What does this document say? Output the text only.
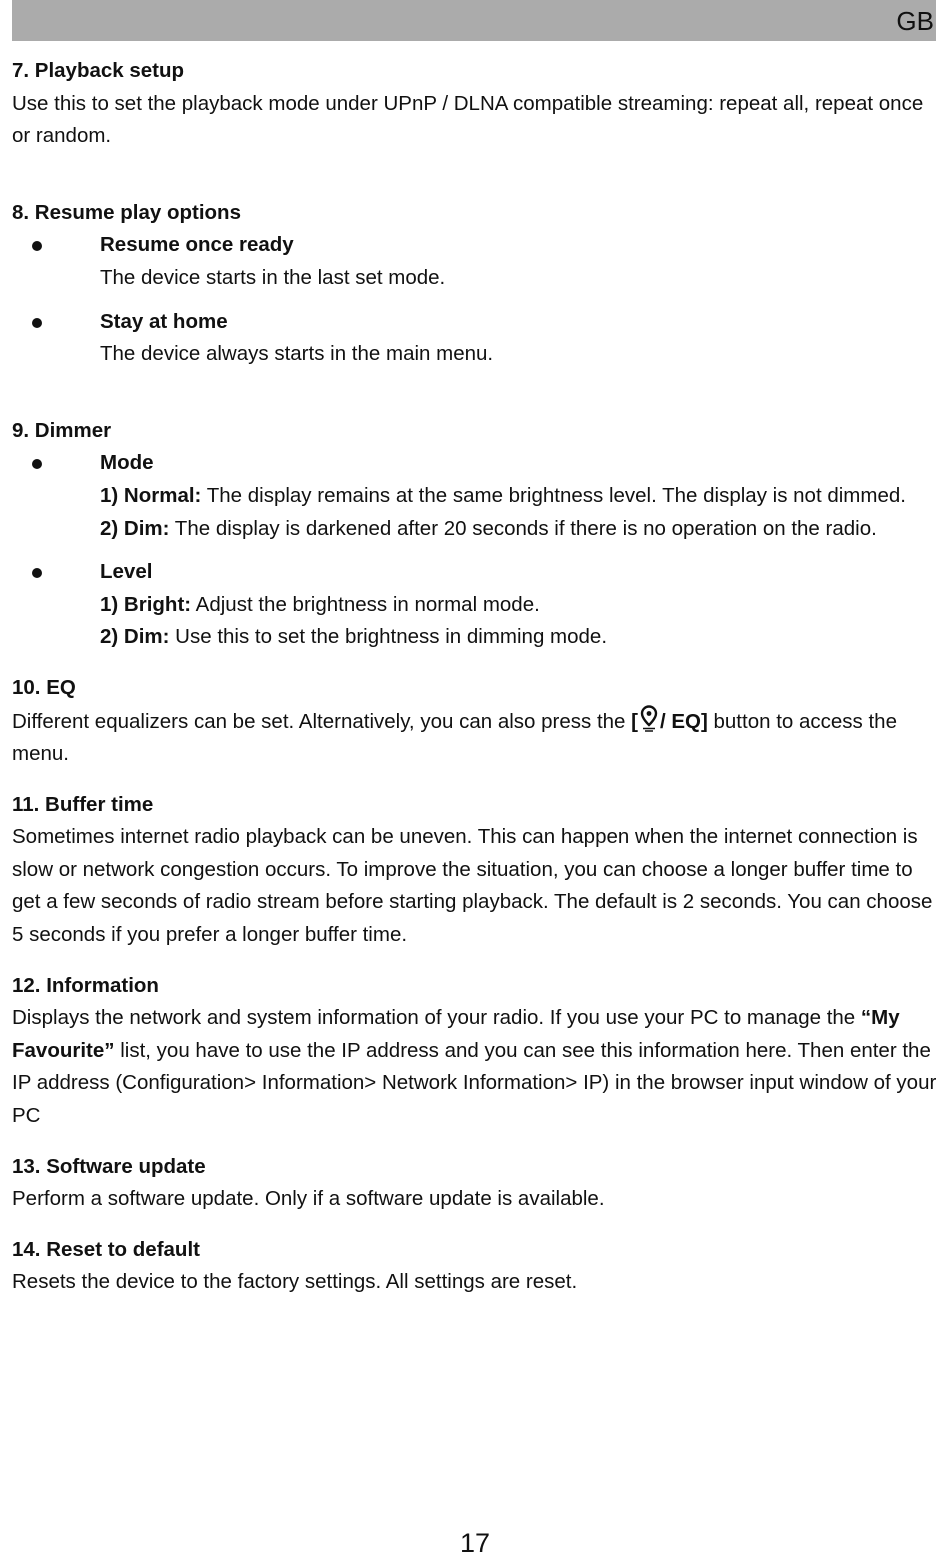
GB
7. Playback setup

Use this to set the playback mode under UPnP / DLNA compatible streaming: repeat all, repeat once or random.

8. Resume play options
Resume once ready
The device starts in the last set mode.
Stay at home
The device always starts in the main menu.
9. Dimmer
Mode
1) Normal: The display remains at the same brightness level. The display is not dimmed.
2) Dim: The display is darkened after 20 seconds if there is no operation on the radio.
Level
1) Bright: Adjust the brightness in normal mode.
2) Dim: Use this to set the brightness in dimming mode.
10. EQ

Different equalizers can be set. Alternatively, you can also press the [ / EQ] button to access the menu.

11. Buffer time

Sometimes internet radio playback can be uneven. This can happen when the internet connection is slow or network congestion occurs. To improve the situation, you can choose a longer buffer time to get a few seconds of radio stream before starting playback. The default is 2 seconds. You can choose 5 seconds if you prefer a longer buffer time.

12. Information

Displays the network and system information of your radio. If you use your PC to manage the “My Favourite” list, you have to use the IP address and you can see this information here. Then enter the IP address (Configuration> Information> Network Information> IP) in the browser input window of your PC

13. Software update

Perform a software update. Only if a software update is available.

14. Reset to default

Resets the device to the factory settings. All settings are reset.

17
